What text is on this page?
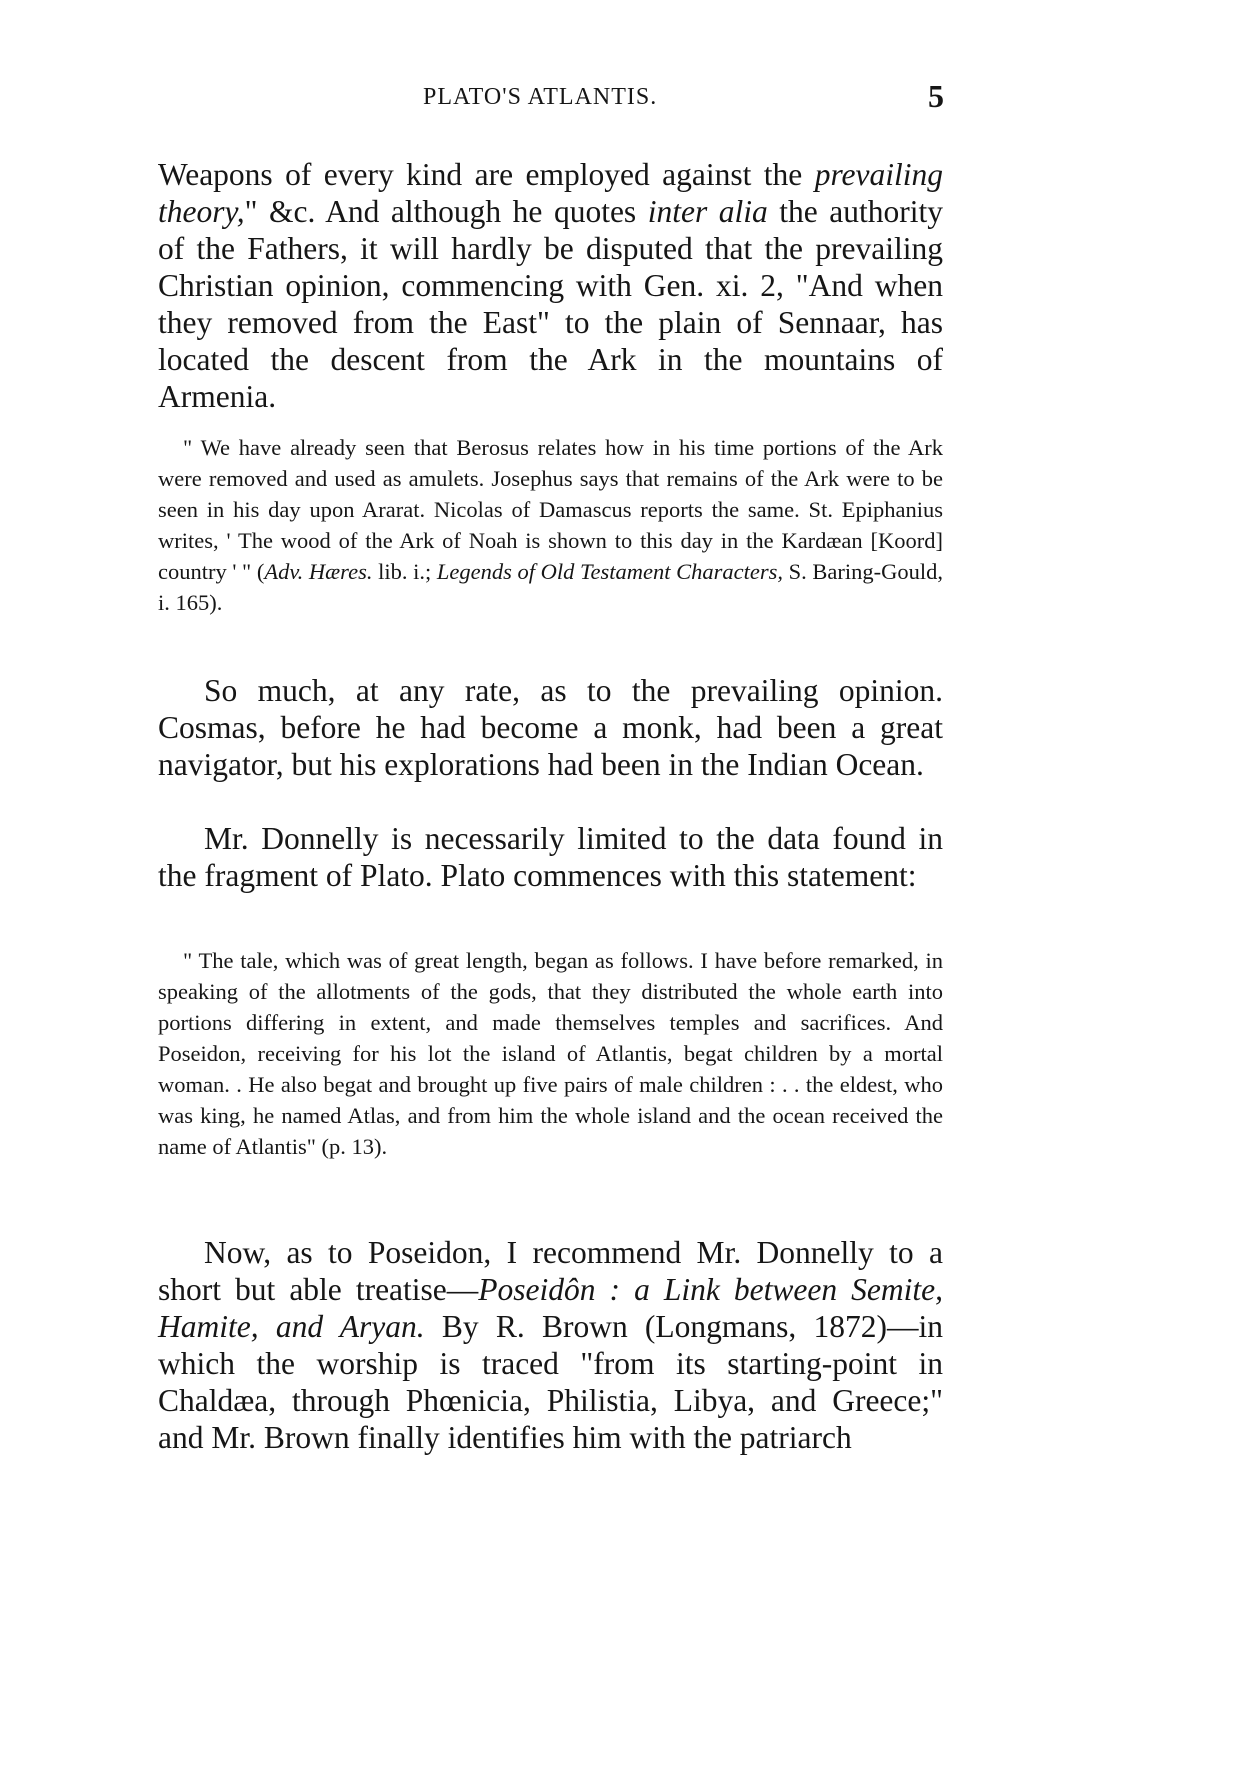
PLATO'S ATLANTIS.	5

Weapons of every kind are employed against the prevailing theory," &c. And although he quotes inter alia the authority of the Fathers, it will hardly be disputed that the prevailing Christian opinion, commencing with Gen. xi. 2, "And when they removed from the East" to the plain of Sennaar, has located the descent from the Ark in the mountains of Armenia.

" We have already seen that Berosus relates how in his time portions of the Ark were removed and used as amulets. Josephus says that remains of the Ark were to be seen in his day upon Ararat. Nicolas of Damascus reports the same. St. Epiphanius writes, ' The wood of the Ark of Noah is shown to this day in the Kardæan [Koord] country ' " (Adv. Hæres. lib. i.; Legends of Old Testament Characters, S. Baring-Gould, i. 165).

So much, at any rate, as to the prevailing opinion. Cosmas, before he had become a monk, had been a great navigator, but his explorations had been in the Indian Ocean.

Mr. Donnelly is necessarily limited to the data found in the fragment of Plato. Plato commences with this statement:

" The tale, which was of great length, began as follows. I have before remarked, in speaking of the allotments of the gods, that they distributed the whole earth into portions differing in extent, and made themselves temples and sacrifices. And Poseidon, receiving for his lot the island of Atlantis, begat children by a mortal woman. . He also begat and brought up five pairs of male children : . . the eldest, who was king, he named Atlas, and from him the whole island and the ocean received the name of Atlantis" (p. 13).

Now, as to Poseidon, I recommend Mr. Donnelly to a short but able treatise—Poseidôn : a Link between Semite, Hamite, and Aryan. By R. Brown (Longmans, 1872)—in which the worship is traced "from its starting-point in Chaldæa, through Phœnicia, Philistia, Libya, and Greece;" and Mr. Brown finally identifies him with the patriarch
